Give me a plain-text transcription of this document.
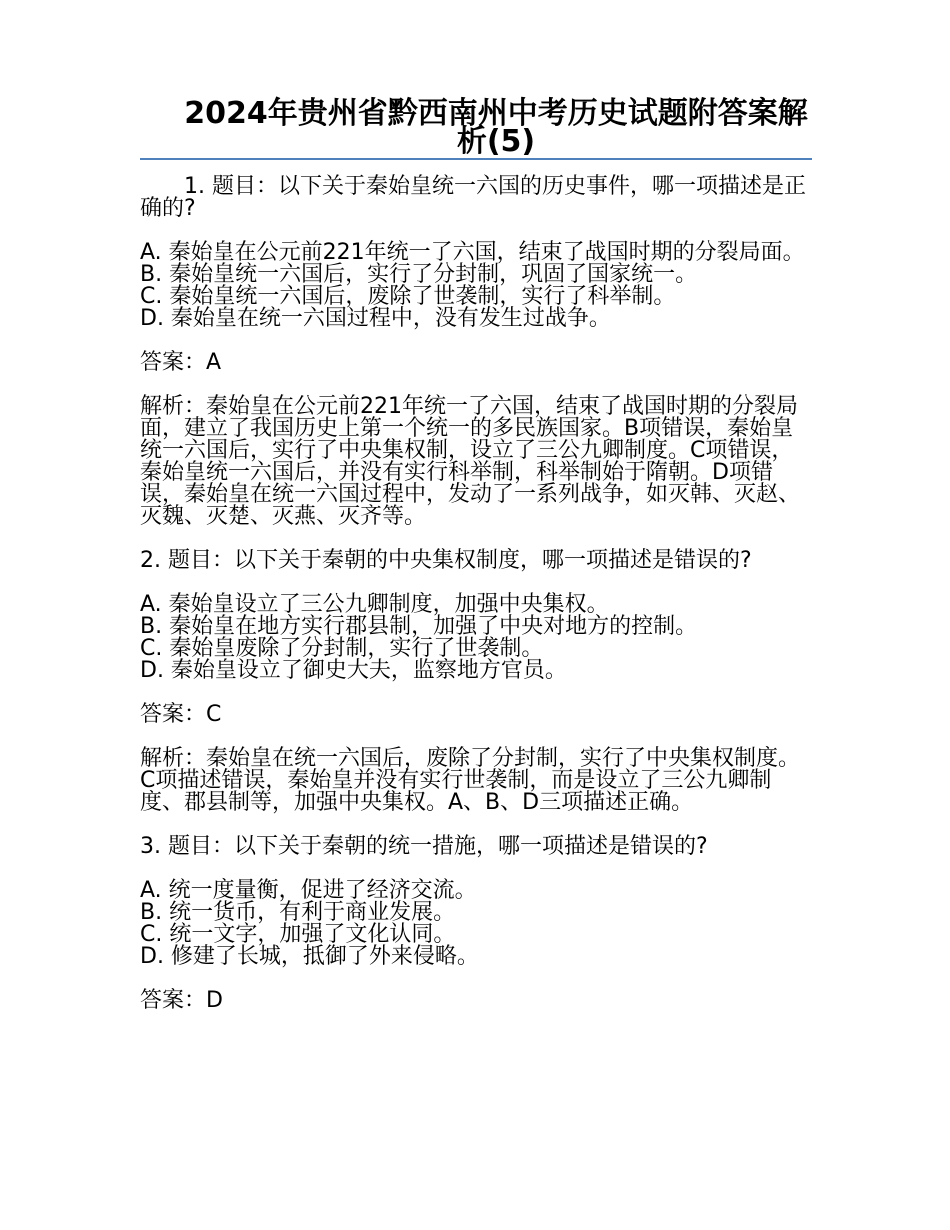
2024年贵州省黔西南州中考历史试题附答案解析(5)

1. 题目：以下关于秦始皇统一六国的历史事件，哪一项描述是正确的?

A. 秦始皇在公元前221年统一了六国，结束了战国时期的分裂局面。

B. 秦始皇统一六国后，实行了分封制，巩固了国家统一。

C. 秦始皇统一六国后，废除了世袭制，实行了科举制。

D. 秦始皇在统一六国过程中，没有发生过战争。

答案：A

解析：秦始皇在公元前221年统一了六国，结束了战国时期的分裂局面，建立了我国历史上第一个统一的多民族国家。B项错误，秦始皇统一六国后，实行了中央集权制，设立了三公九卿制度。C项错误，秦始皇统一六国后，并没有实行科举制，科举制始于隋朝。D项错误，秦始皇在统一六国过程中，发动了一系列战争，如灭韩、灭赵、灭魏、灭楚、灭燕、灭齐等。

2. 题目：以下关于秦朝的中央集权制度，哪一项描述是错误的?

A. 秦始皇设立了三公九卿制度，加强中央集权。

B. 秦始皇在地方实行郡县制，加强了中央对地方的控制。

C. 秦始皇废除了分封制，实行了世袭制。

D. 秦始皇设立了御史大夫，监察地方官员。

答案：C

解析：秦始皇在统一六国后，废除了分封制，实行了中央集权制度。C项描述错误，秦始皇并没有实行世袭制，而是设立了三公九卿制度、郡县制等，加强中央集权。A、B、D三项描述正确。

3. 题目：以下关于秦朝的统一措施，哪一项描述是错误的?

A. 统一度量衡，促进了经济交流。

B. 统一货币，有利于商业发展。

C. 统一文字，加强了文化认同。

D. 修建了长城，抵御了外来侵略。

答案：D
